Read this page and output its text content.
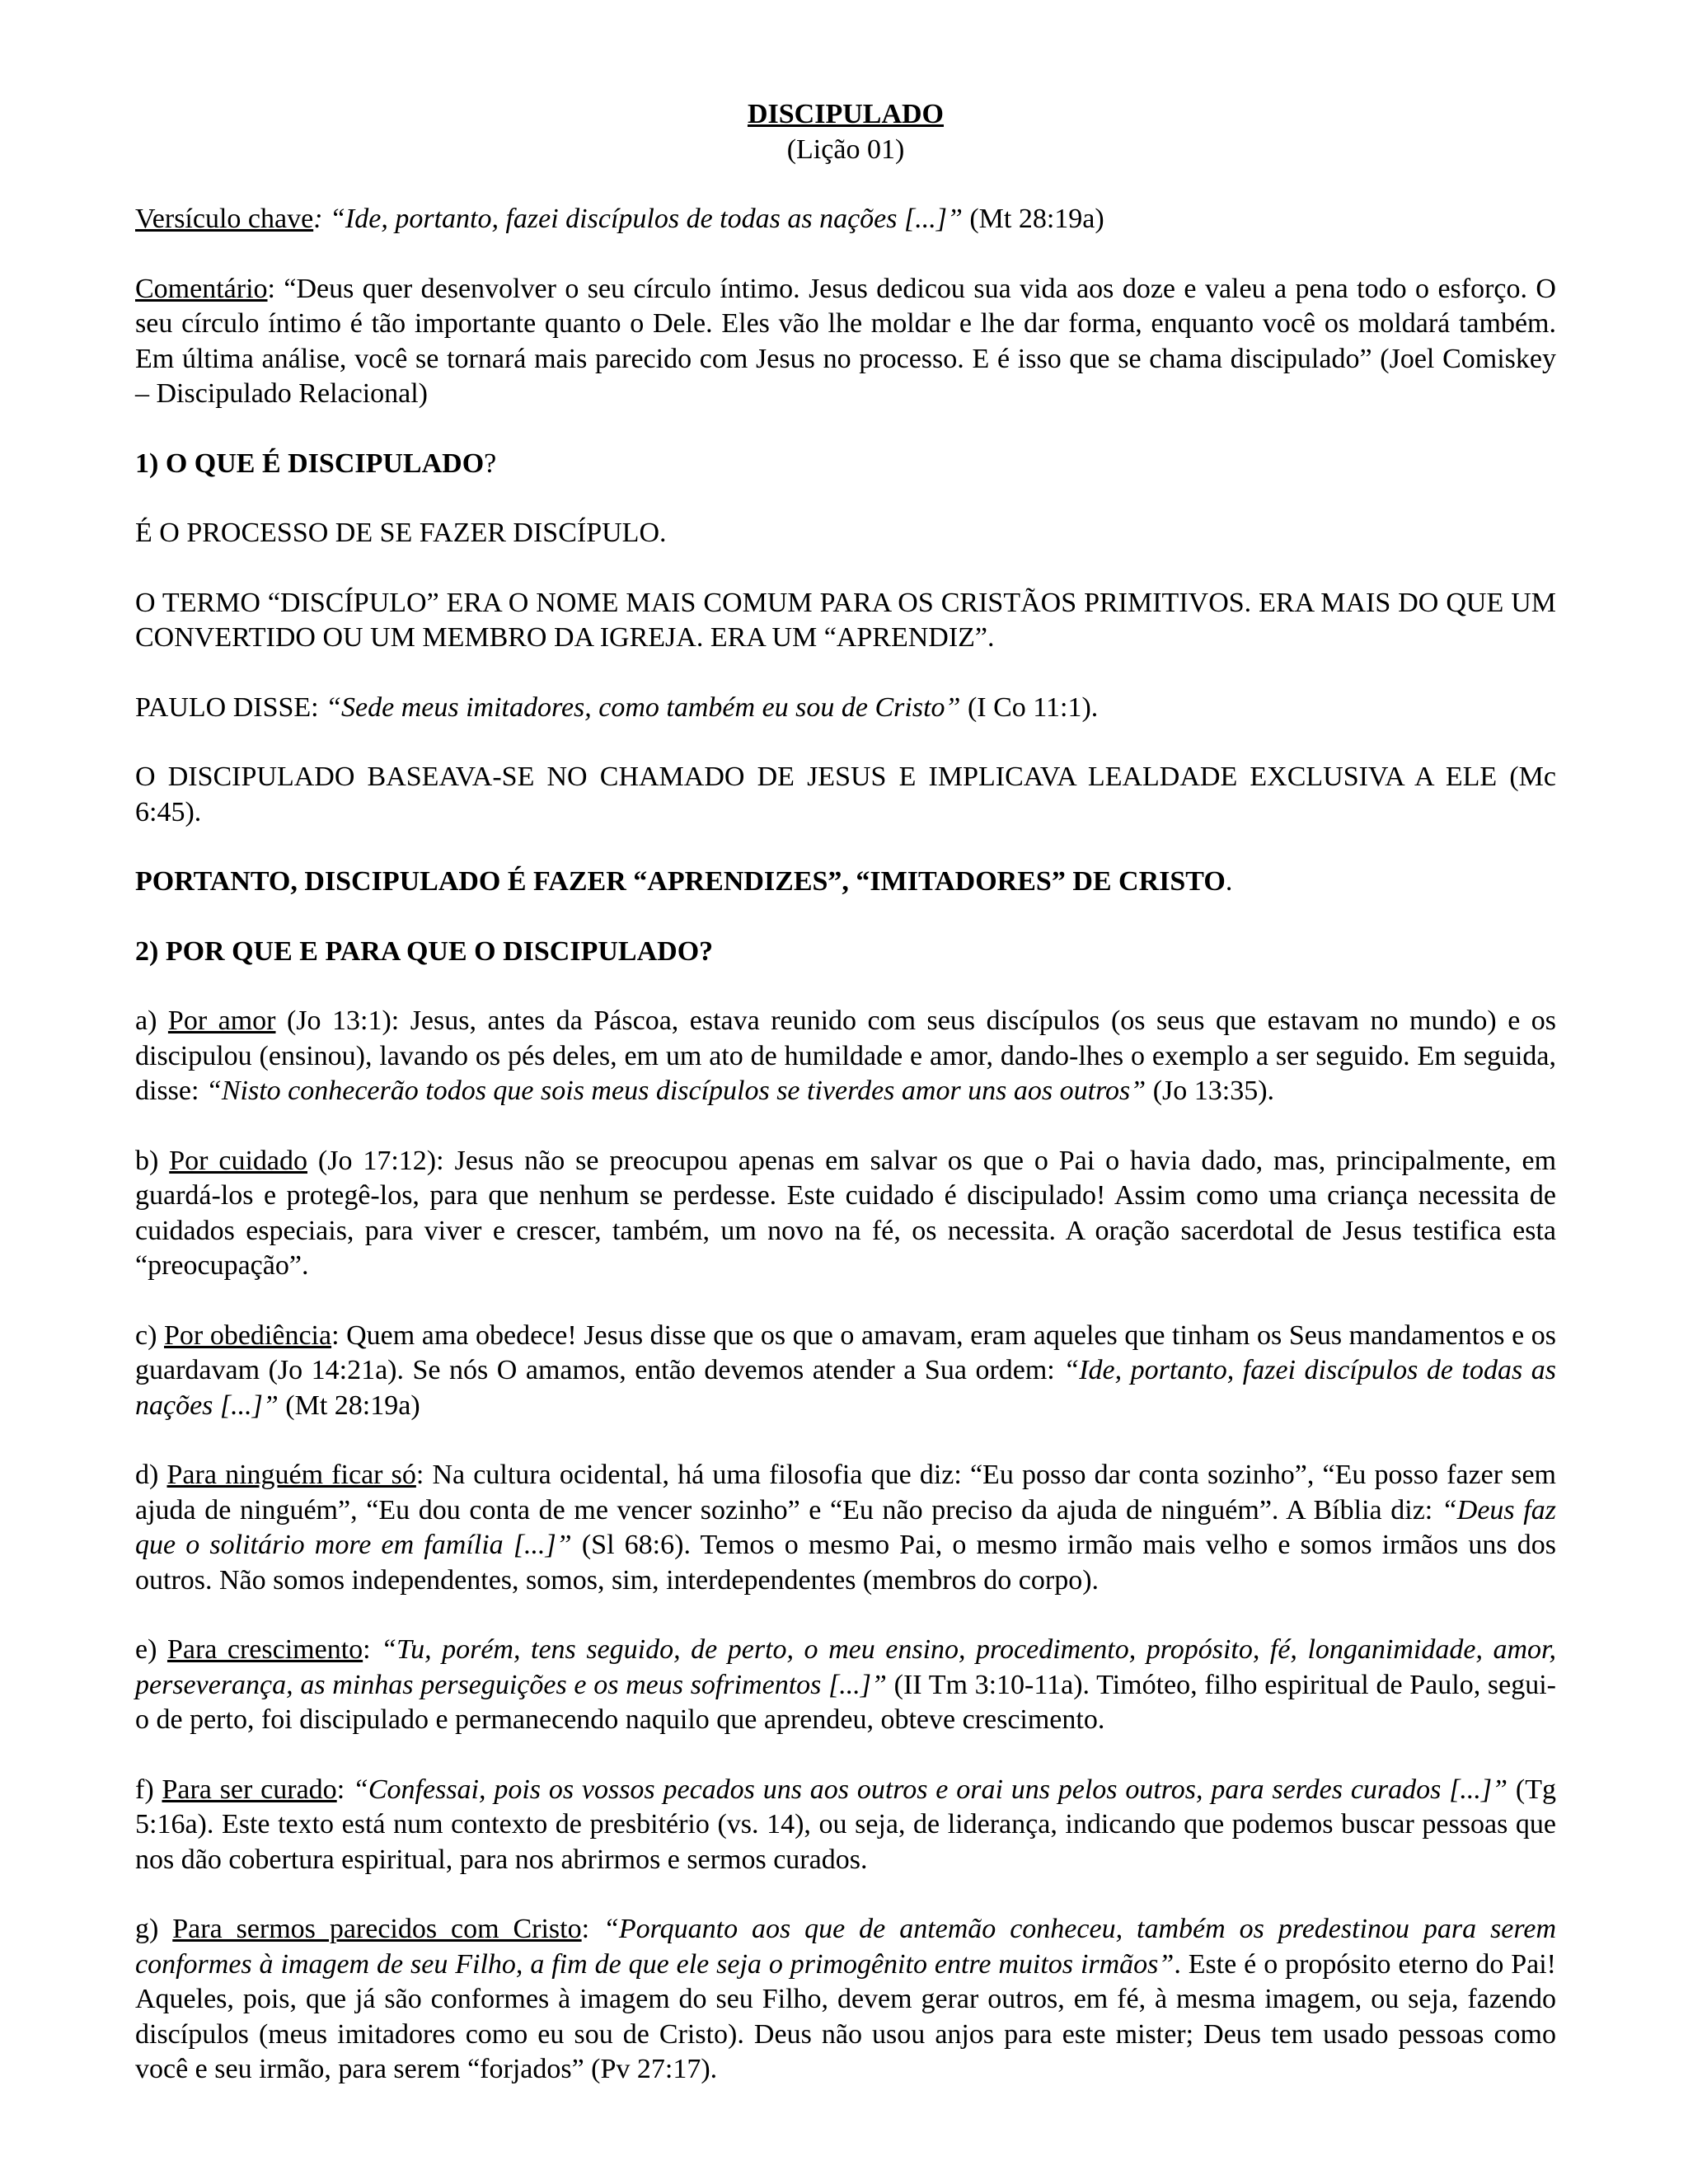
DISCIPULADO

(Lição 01)

Versículo chave: “Ide, portanto, fazei discípulos de todas as nações [...]” (Mt 28:19a)

Comentário: “Deus quer desenvolver o seu círculo íntimo. Jesus dedicou sua vida aos doze e valeu a pena todo o esforço. O seu círculo íntimo é tão importante quanto o Dele. Eles vão lhe moldar e lhe dar forma, enquanto você os moldará também. Em última análise, você se tornará mais parecido com Jesus no processo. E é isso que se chama discipulado” (Joel Comiskey – Discipulado Relacional)

1) O QUE É DISCIPULADO?

É O PROCESSO DE SE FAZER DISCÍPULO.

O TERMO “DISCÍPULO” ERA O NOME MAIS COMUM PARA OS CRISTÃOS PRIMITIVOS. ERA MAIS DO QUE UM CONVERTIDO OU UM MEMBRO DA IGREJA. ERA UM “APRENDIZ”.

PAULO DISSE: “Sede meus imitadores, como também eu sou de Cristo” (I Co 11:1).

O DISCIPULADO BASEAVA-SE NO CHAMADO DE JESUS E IMPLICAVA LEALDADE EXCLUSIVA A ELE (Mc 6:45).

PORTANTO, DISCIPULADO É FAZER “APRENDIZES”, “IMITADORES” DE CRISTO.

2) POR QUE E PARA QUE O DISCIPULADO?

a) Por amor (Jo 13:1): Jesus, antes da Páscoa, estava reunido com seus discípulos (os seus que estavam no mundo) e os discipulou (ensinou), lavando os pés deles, em um ato de humildade e amor, dando-lhes o exemplo a ser seguido. Em seguida, disse: “Nisto conhecerão todos que sois meus discípulos se tiverdes amor uns aos outros” (Jo 13:35).

b) Por cuidado (Jo 17:12): Jesus não se preocupou apenas em salvar os que o Pai o havia dado, mas, principalmente, em guardá-los e protegê-los, para que nenhum se perdesse. Este cuidado é discipulado! Assim como uma criança necessita de cuidados especiais, para viver e crescer, também, um novo na fé, os necessita. A oração sacerdotal de Jesus testifica esta “preocupação”.

c) Por obediência: Quem ama obedece! Jesus disse que os que o amavam, eram aqueles que tinham os Seus mandamentos e os guardavam (Jo 14:21a). Se nós O amamos, então devemos atender a Sua ordem: “Ide, portanto, fazei discípulos de todas as nações [...]” (Mt 28:19a)

d) Para ninguém ficar só: Na cultura ocidental, há uma filosofia que diz: “Eu posso dar conta sozinho”, “Eu posso fazer sem ajuda de ninguém”, “Eu dou conta de me vencer sozinho” e “Eu não preciso da ajuda de ninguém”. A Bíblia diz: “Deus faz que o solitário more em família [...]” (Sl 68:6). Temos o mesmo Pai, o mesmo irmão mais velho e somos irmãos uns dos outros. Não somos independentes, somos, sim, interdependentes (membros do corpo).

e) Para crescimento: “Tu, porém, tens seguido, de perto, o meu ensino, procedimento, propósito, fé, longanimidade, amor, perseverança, as minhas perseguições e os meus sofrimentos [...]” (II Tm 3:10-11a). Timóteo, filho espiritual de Paulo, segui-o de perto, foi discipulado e permanecendo naquilo que aprendeu, obteve crescimento.

f) Para ser curado: “Confessai, pois os vossos pecados uns aos outros e orai uns pelos outros, para serdes curados [...]” (Tg 5:16a). Este texto está num contexto de presbitério (vs. 14), ou seja, de liderança, indicando que podemos buscar pessoas que nos dão cobertura espiritual, para nos abrirmos e sermos curados.

g) Para sermos parecidos com Cristo: “Porquanto aos que de antemão conheceu, também os predestinou para serem conformes à imagem de seu Filho, a fim de que ele seja o primogênito entre muitos irmãos”. Este é o propósito eterno do Pai! Aqueles, pois, que já são conformes à imagem do seu Filho, devem gerar outros, em fé, à mesma imagem, ou seja, fazendo discípulos (meus imitadores como eu sou de Cristo). Deus não usou anjos para este mister; Deus tem usado pessoas como você e seu irmão, para serem “forjados” (Pv 27:17).
